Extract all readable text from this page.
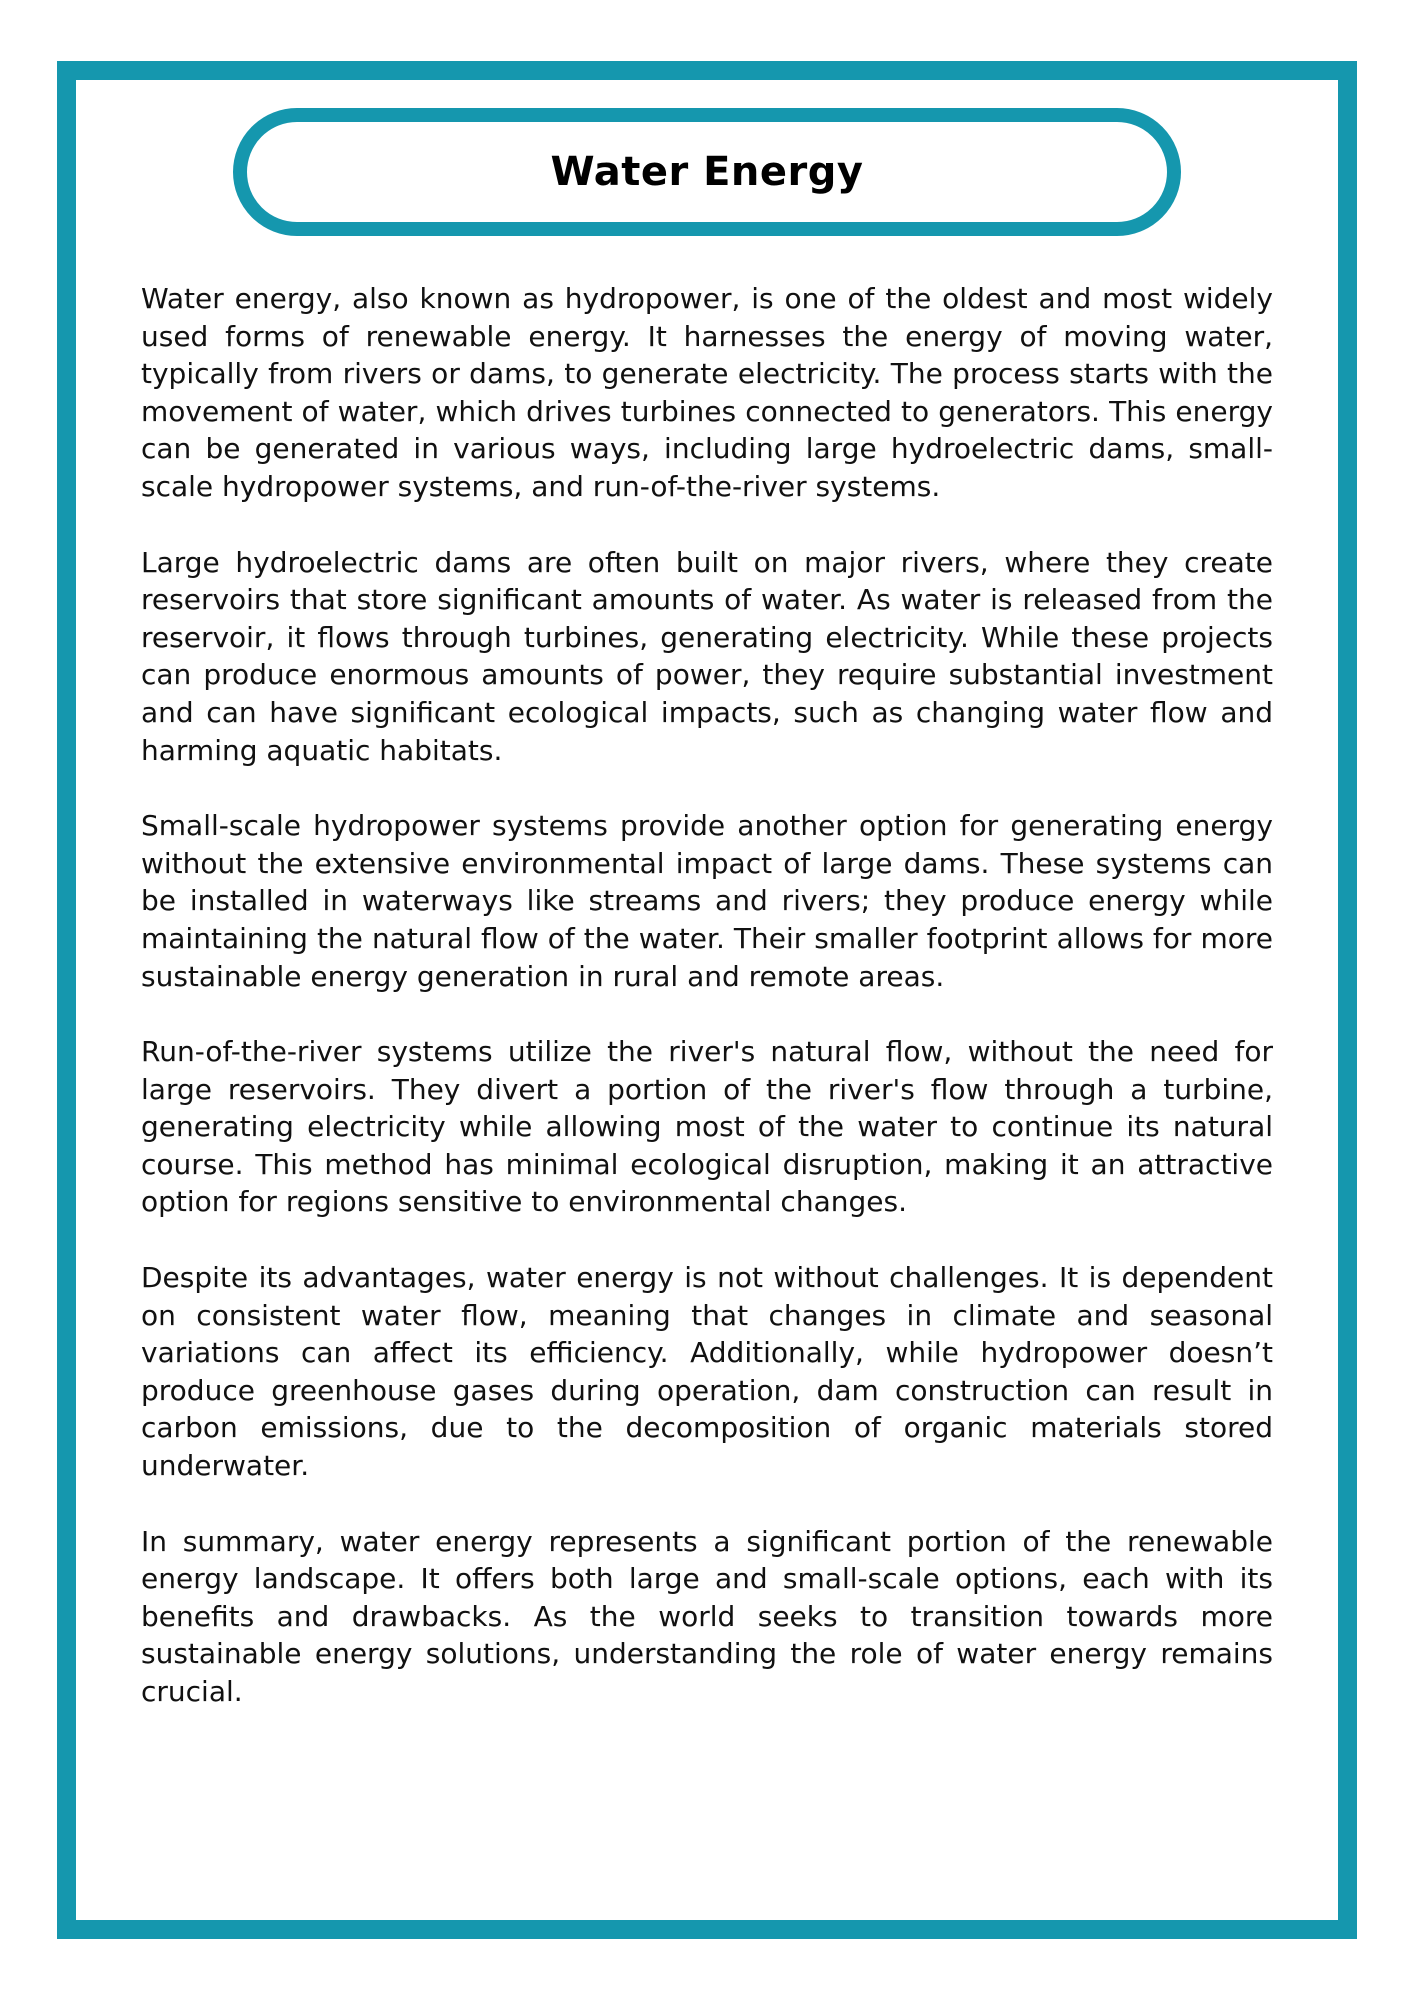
Water Energy

Water energy, also known as hydropower, is one of the oldest and most widely used forms of renewable energy. It harnesses the energy of moving water, typically from rivers or dams, to generate electricity. The process starts with the movement of water, which drives turbines connected to generators. This energy can be generated in various ways, including large hydroelectric dams, small-scale hydropower systems, and run-of-the-river systems.

Large hydroelectric dams are often built on major rivers, where they create reservoirs that store significant amounts of water. As water is released from the reservoir, it flows through turbines, generating electricity. While these projects can produce enormous amounts of power, they require substantial investment and can have significant ecological impacts, such as changing water flow and harming aquatic habitats.

Small-scale hydropower systems provide another option for generating energy without the extensive environmental impact of large dams. These systems can be installed in waterways like streams and rivers; they produce energy while maintaining the natural flow of the water. Their smaller footprint allows for more sustainable energy generation in rural and remote areas.

Run-of-the-river systems utilize the river's natural flow, without the need for large reservoirs. They divert a portion of the river's flow through a turbine, generating electricity while allowing most of the water to continue its natural course. This method has minimal ecological disruption, making it an attractive option for regions sensitive to environmental changes.

Despite its advantages, water energy is not without challenges. It is dependent on consistent water flow, meaning that changes in climate and seasonal variations can affect its efficiency. Additionally, while hydropower doesn’t produce greenhouse gases during operation, dam construction can result in carbon emissions, due to the decomposition of organic materials stored underwater.

In summary, water energy represents a significant portion of the renewable energy landscape. It offers both large and small-scale options, each with its benefits and drawbacks. As the world seeks to transition towards more sustainable energy solutions, understanding the role of water energy remains crucial.
